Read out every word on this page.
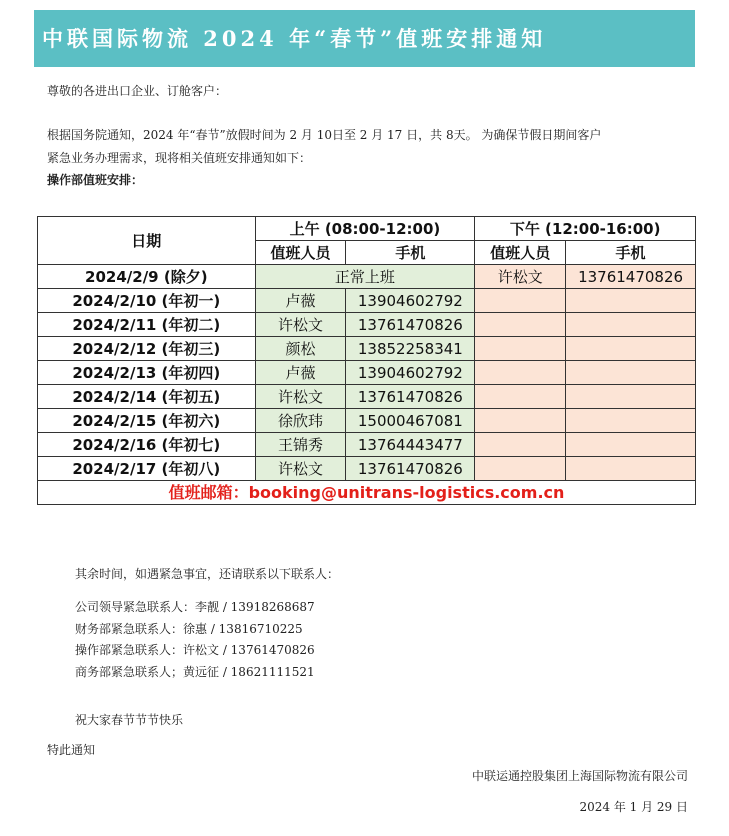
中联国际物流 2024 年“春节”值班安排通知
尊敬的各进出口企业、订舱客户：
根据国务院通知，2024 年“春节”放假时间为 2 月 10日至 2 月 17 日，共 8天。 为确保节假日期间客户
紧急业务办理需求，现将相关值班安排通知如下：
操作部值班安排：
日期	上午 (08:00-12:00)		下午 (12:00-16:00)	
	值班人员	手机	值班人员	手机
2024/2/9 (除夕)	正常上班		许松文	13761470826
2024/2/10 (年初一)	卢薇	13904602792		
2024/2/11 (年初二)	许松文	13761470826		
2024/2/12 (年初三)	颜松	13852258341		
2024/2/13 (年初四)	卢薇	13904602792		
2024/2/14 (年初五)	许松文	13761470826		
2024/2/15 (年初六)	徐欣玮	15000467081		
2024/2/16 (年初七)	王锦秀	13764443477		
2024/2/17 (年初八)	许松文	13761470826		
值班邮箱：booking@unitrans-logistics.com.cn				
其余时间，如遇紧急事宜，还请联系以下联系人：
公司领导紧急联系人：李靓 / 13918268687
财务部紧急联系人：徐惠 / 13816710225
操作部紧急联系人：许松文 / 13761470826
商务部紧急联系人；黄远征 / 18621111521
祝大家春节节节快乐
特此通知
中联运通控股集团上海国际物流有限公司
2024 年 1 月 29 日
